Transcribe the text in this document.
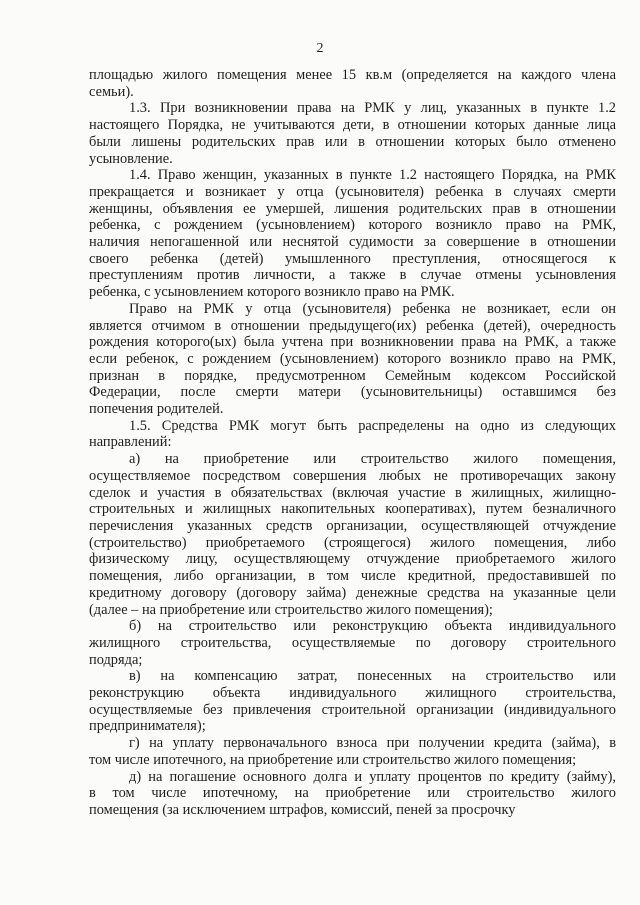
2
площадью жилого помещения менее 15 кв.м (определяется на каждого члена
семьи).
1.3. При возникновении права на РМК у лиц, указанных в пункте 1.2
настоящего Порядка, не учитываются дети, в отношении которых данные лица
были лишены родительских прав или в отношении которых было отменено
усыновление.
1.4. Право женщин, указанных в пункте 1.2 настоящего Порядка, на РМК
прекращается и возникает у отца (усыновителя) ребенка в случаях смерти
женщины, объявления ее умершей, лишения родительских прав в отношении
ребенка, с рождением (усыновлением) которого возникло право на РМК,
наличия непогашенной или неснятой судимости за совершение в отношении
своего ребенка (детей) умышленного преступления, относящегося к
преступлениям против личности, а также в случае отмены усыновления
ребенка, с усыновлением которого возникло право на РМК.
Право на РМК у отца (усыновителя) ребенка не возникает, если он
является отчимом в отношении предыдущего(их) ребенка (детей), очередность
рождения которого(ых) была учтена при возникновении права на РМК, а также
если ребенок, с рождением (усыновлением) которого возникло право на РМК,
признан в порядке, предусмотренном Семейным кодексом Российской
Федерации, после смерти матери (усыновительницы) оставшимся без
попечения родителей.
1.5. Средства РМК могут быть распределены на одно из следующих
направлений:
а) на приобретение или строительство жилого помещения,
осуществляемое посредством совершения любых не противоречащих закону
сделок и участия в обязательствах (включая участие в жилищных, жилищно-
строительных и жилищных накопительных кооперативах), путем безналичного
перечисления указанных средств организации, осуществляющей отчуждение
(строительство) приобретаемого (строящегося) жилого помещения, либо
физическому лицу, осуществляющему отчуждение приобретаемого жилого
помещения, либо организации, в том числе кредитной, предоставившей по
кредитному договору (договору займа) денежные средства на указанные цели
(далее – на приобретение или строительство жилого помещения);
б) на строительство или реконструкцию объекта индивидуального
жилищного строительства, осуществляемые по договору строительного
подряда;
в) на компенсацию затрат, понесенных на строительство или
реконструкцию объекта индивидуального жилищного строительства,
осуществляемые без привлечения строительной организации (индивидуального
предпринимателя);
г) на уплату первоначального взноса при получении кредита (займа), в
том числе ипотечного, на приобретение или строительство жилого помещения;
д) на погашение основного долга и уплату процентов по кредиту (займу),
в том числе ипотечному, на приобретение или строительство жилого
помещения (за исключением штрафов, комиссий, пеней за просрочку
